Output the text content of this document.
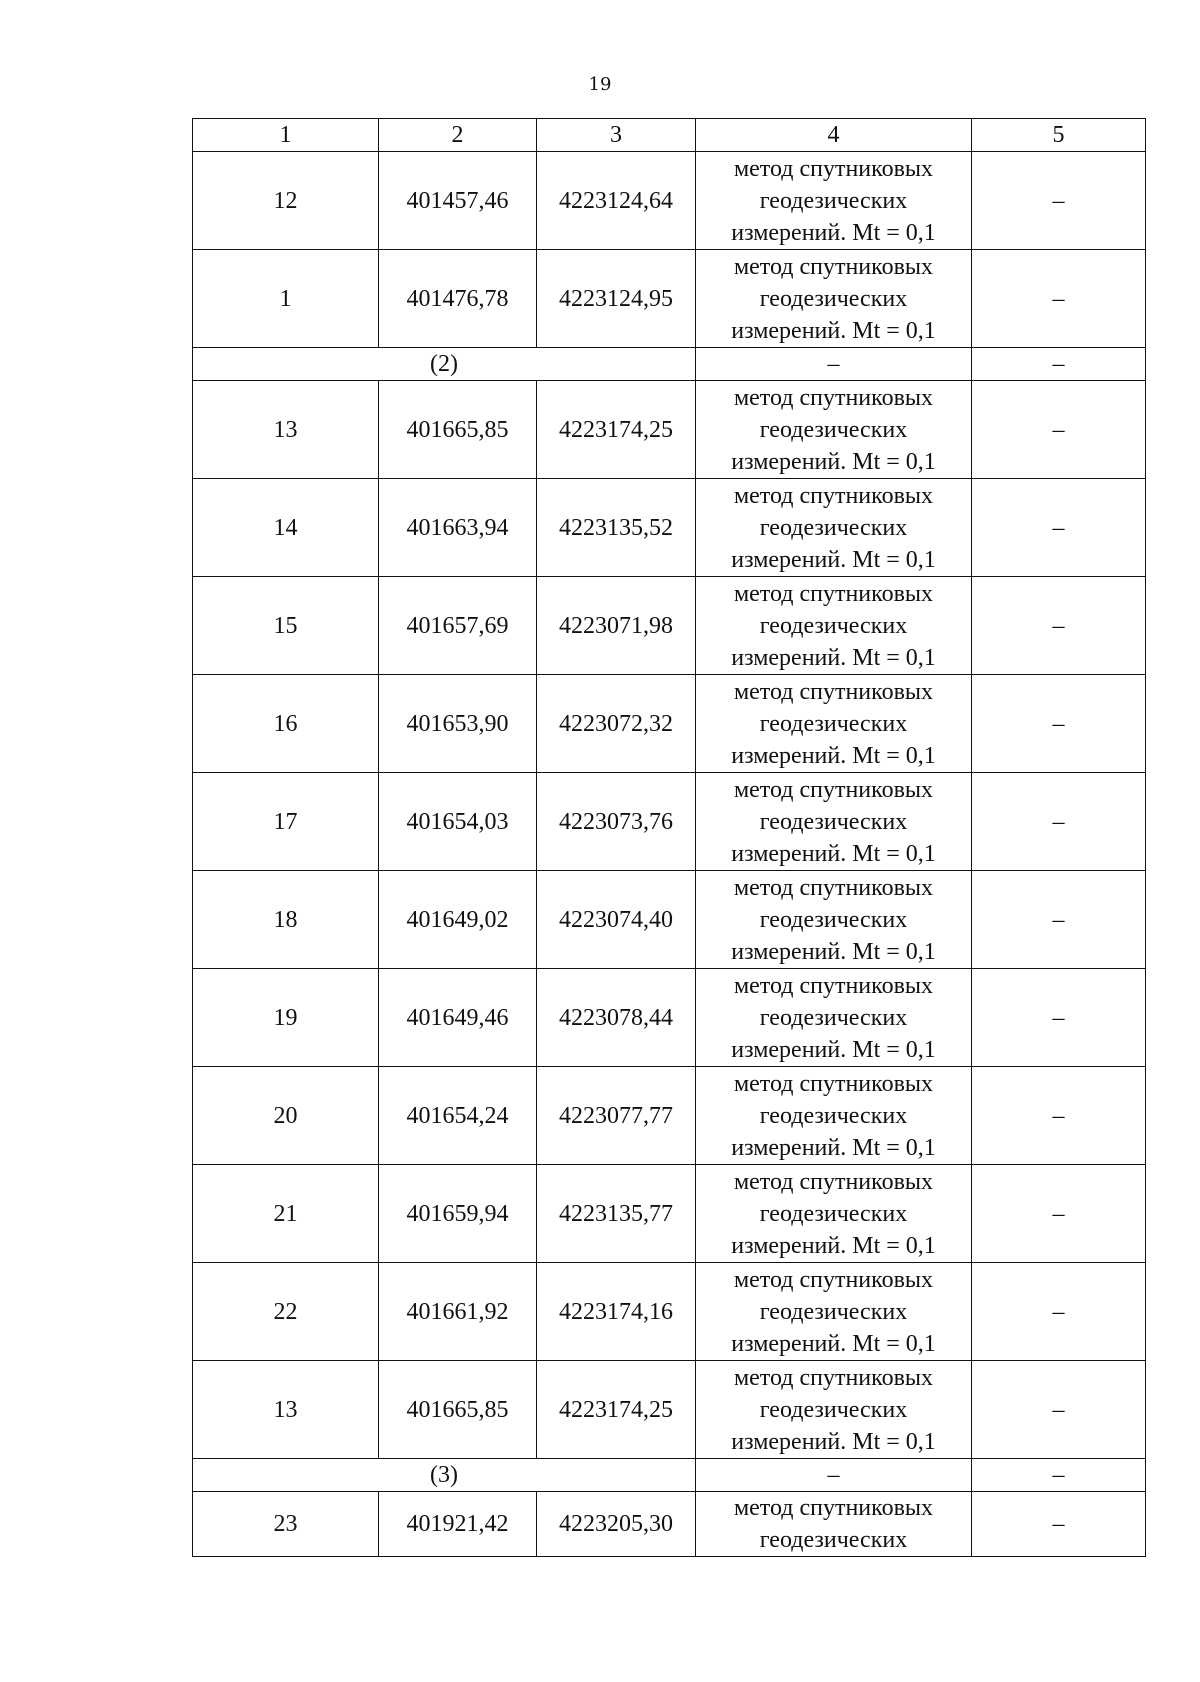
19
1	2	3	4	5
12	401457,46	4223124,64	метод спутниковых
геодезических
измерений. Mt = 0,1	–
1	401476,78	4223124,95	метод спутниковых
геодезических
измерений. Mt = 0,1	–
(2)			–	–
13	401665,85	4223174,25	метод спутниковых
геодезических
измерений. Mt = 0,1	–
14	401663,94	4223135,52	метод спутниковых
геодезических
измерений. Mt = 0,1	–
15	401657,69	4223071,98	метод спутниковых
геодезических
измерений. Mt = 0,1	–
16	401653,90	4223072,32	метод спутниковых
геодезических
измерений. Mt = 0,1	–
17	401654,03	4223073,76	метод спутниковых
геодезических
измерений. Mt = 0,1	–
18	401649,02	4223074,40	метод спутниковых
геодезических
измерений. Mt = 0,1	–
19	401649,46	4223078,44	метод спутниковых
геодезических
измерений. Mt = 0,1	–
20	401654,24	4223077,77	метод спутниковых
геодезических
измерений. Mt = 0,1	–
21	401659,94	4223135,77	метод спутниковых
геодезических
измерений. Mt = 0,1	–
22	401661,92	4223174,16	метод спутниковых
геодезических
измерений. Mt = 0,1	–
13	401665,85	4223174,25	метод спутниковых
геодезических
измерений. Mt = 0,1	–
(3)			–	–
23	401921,42	4223205,30	метод спутниковых
геодезических	–
